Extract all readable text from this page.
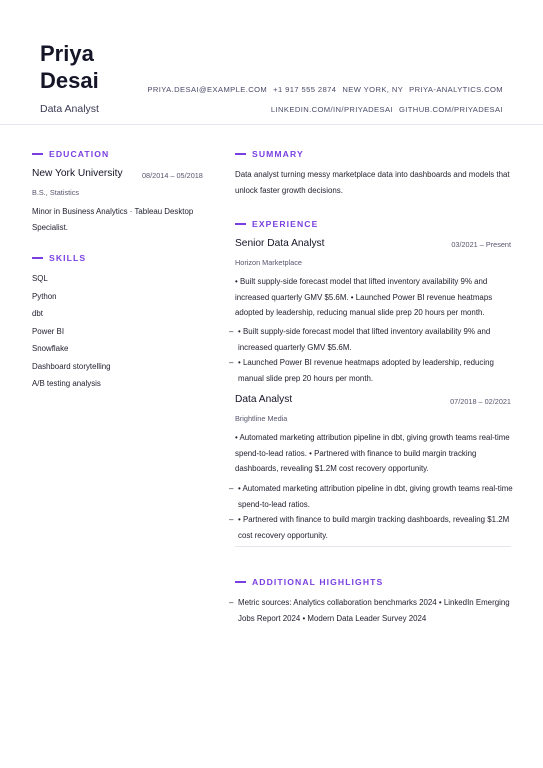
Priya
Desai
Data Analyst
PRIYA.DESAI@EXAMPLE.COM +1 917 555 2874 NEW YORK, NY PRIYA-ANALYTICS.COM
LINKEDIN.COM/IN/PRIYADESAI GITHUB.COM/PRIYADESAI
EDUCATION
New York University	08/2014 – 05/2018
B.S., Statistics
Minor in Business Analytics · Tableau Desktop Specialist.
SKILLS
SQL
Python
dbt
Power BI
Snowflake
Dashboard storytelling
A/B testing analysis
SUMMARY
Data analyst turning messy marketplace data into dashboards and models that unlock faster growth decisions.
EXPERIENCE
Senior Data Analyst	03/2021 – Present
Horizon Marketplace
• Built supply-side forecast model that lifted inventory availability 9% and increased quarterly GMV $5.6M. • Launched Power BI revenue heatmaps adopted by leadership, reducing manual slide prep 20 hours per month.
– • Built supply-side forecast model that lifted inventory availability 9% and increased quarterly GMV $5.6M.
– • Launched Power BI revenue heatmaps adopted by leadership, reducing manual slide prep 20 hours per month.
Data Analyst	07/2018 – 02/2021
Brightline Media
• Automated marketing attribution pipeline in dbt, giving growth teams real-time spend-to-lead ratios. • Partnered with finance to build margin tracking dashboards, revealing $1.2M cost recovery opportunity.
– • Automated marketing attribution pipeline in dbt, giving growth teams real-time spend-to-lead ratios.
– • Partnered with finance to build margin tracking dashboards, revealing $1.2M cost recovery opportunity.
ADDITIONAL HIGHLIGHTS
– Metric sources: Analytics collaboration benchmarks 2024 • LinkedIn Emerging Jobs Report 2024 • Modern Data Leader Survey 2024
